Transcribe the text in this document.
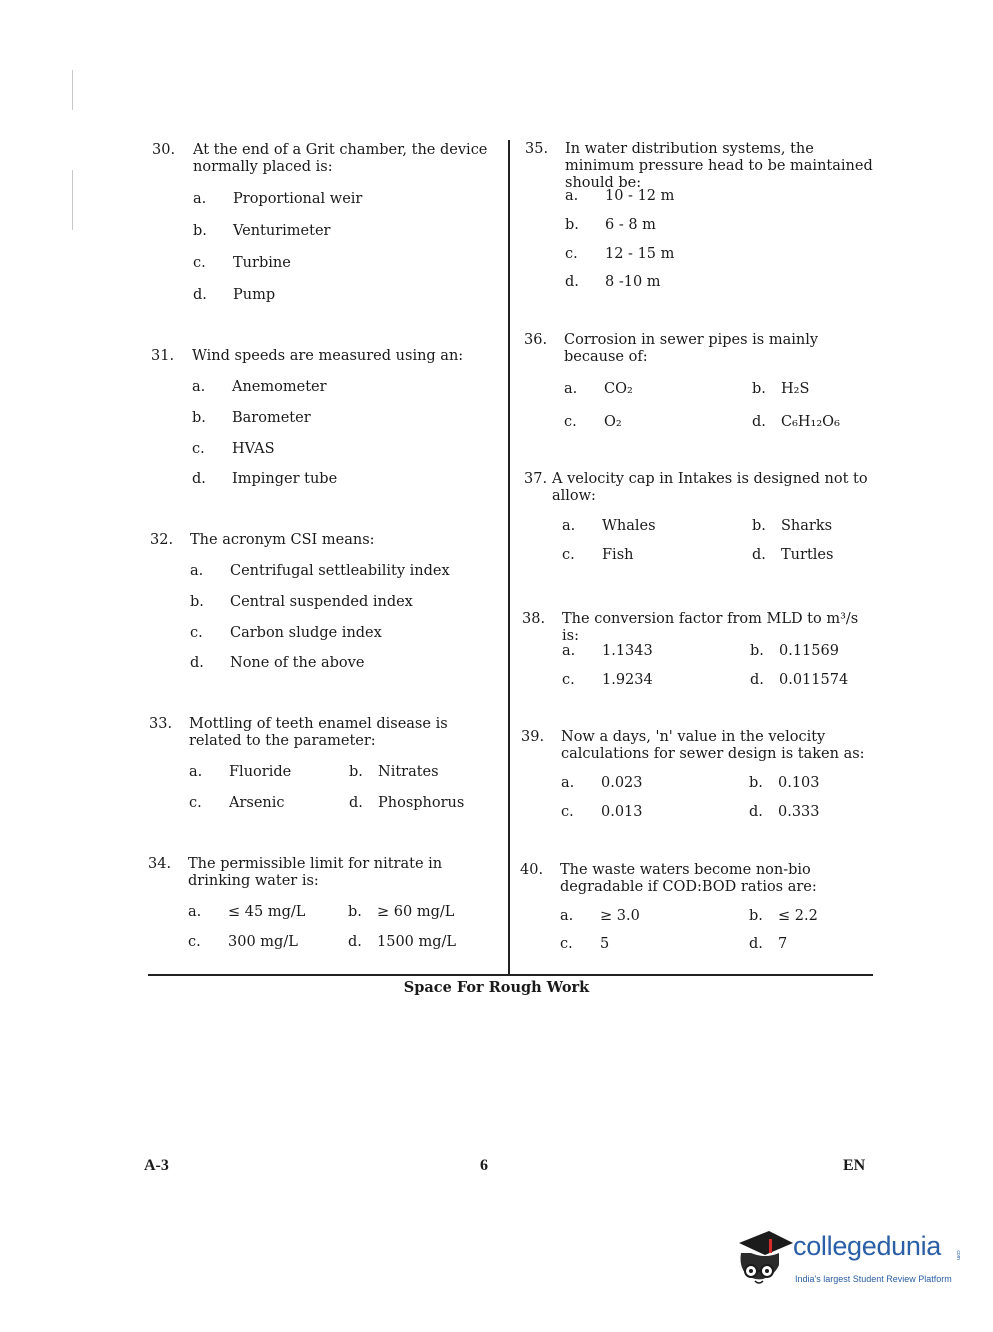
30. At the end of a Grit chamber, the device normally placed is:
a. Proportional weir
b. Venturimeter
c. Turbine
d. Pump
31. Wind speeds are measured using an:
a. Anemometer
b. Barometer
c. HVAS
d. Impinger tube
32. The acronym CSI means:
a. Centrifugal settleability index
b. Central suspended index
c. Carbon sludge index
d. None of the above
33. Mottling of teeth enamel disease is related to the parameter:
a. Fluoride	b. Nitrates
c. Arsenic	d. Phosphorus
34. The permissible limit for nitrate in drinking water is:
a. ≤ 45 mg/L	b. ≥ 60 mg/L
c. 300 mg/L	d. 1500 mg/L
35. In water distribution systems, the minimum pressure head to be maintained should be:
a. 10 - 12 m
b. 6 - 8 m
c. 12 - 15 m
d. 8 -10 m
36. Corrosion in sewer pipes is mainly because of:
a. CO₂	b. H₂S
c. O₂	d. C₆H₁₂O₆
37. A velocity cap in Intakes is designed not to allow:
a. Whales	b. Sharks
c. Fish	d. Turtles
38. The conversion factor from MLD to m³/s is:
a. 1.1343	b. 0.11569
c. 1.9234	d. 0.011574
39. Now a days, 'n' value in the velocity calculations for sewer design is taken as:
a. 0.023	b. 0.103
c. 0.013	d. 0.333
40. The waste waters become non-bio degradable if COD:BOD ratios are:
a. ≥ 3.0	b. ≤ 2.2
c. 5	d. 7
Space For Rough Work
A-3	6	EN
collegedunia	.com
India's largest Student Review Platform
